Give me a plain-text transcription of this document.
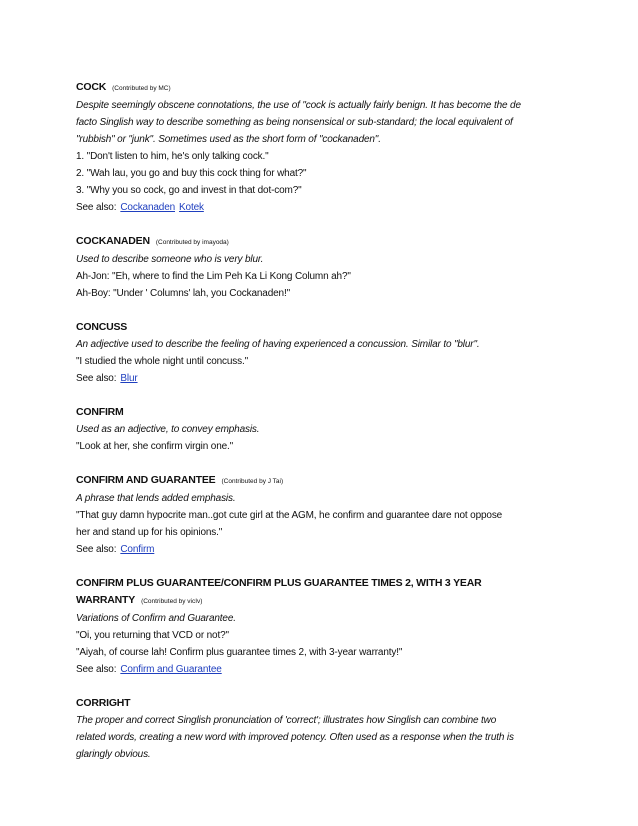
COCK (Contributed by MC)
Despite seemingly obscene connotations, the use of "cock is actually fairly benign. It has become the de
facto Singlish way to describe something as being nonsensical or sub-standard; the local equivalent of
"rubbish" or "junk". Sometimes used as the short form of "cockanaden".
1. "Don't listen to him, he's only talking cock."
2. "Wah lau, you go and buy this cock thing for what?"
3. "Why you so cock, go and invest in that dot-com?"
See also: Cockanaden Kotek
COCKANADEN (Contributed by imayoda)
Used to describe someone who is very blur.
Ah-Jon: "Eh, where to find the Lim Peh Ka Li Kong Column ah?"
Ah-Boy: "Under ' Columns' lah, you Cockanaden!"
CONCUSS
An adjective used to describe the feeling of having experienced a concussion. Similar to "blur".
"I studied the whole night until concuss."
See also: Blur
CONFIRM
Used as an adjective, to convey emphasis.
"Look at her, she confirm virgin one."
CONFIRM AND GUARANTEE (Contributed by J Tai)
A phrase that lends added emphasis.
"That guy damn hypocrite man..got cute girl at the AGM, he confirm and guarantee dare not oppose
her and stand up for his opinions."
See also: Confirm
CONFIRM PLUS GUARANTEE/CONFIRM PLUS GUARANTEE TIMES 2, WITH 3 YEAR
WARRANTY (Contributed by vicIv)
Variations of Confirm and Guarantee.
"Oi, you returning that VCD or not?"
"Aiyah, of course lah! Confirm plus guarantee times 2, with 3-year warranty!"
See also: Confirm and Guarantee
CORRIGHT
The proper and correct Singlish pronunciation of 'correct'; illustrates how Singlish can combine two
related words, creating a new word with improved potency. Often used as a response when the truth is
glaringly obvious.
